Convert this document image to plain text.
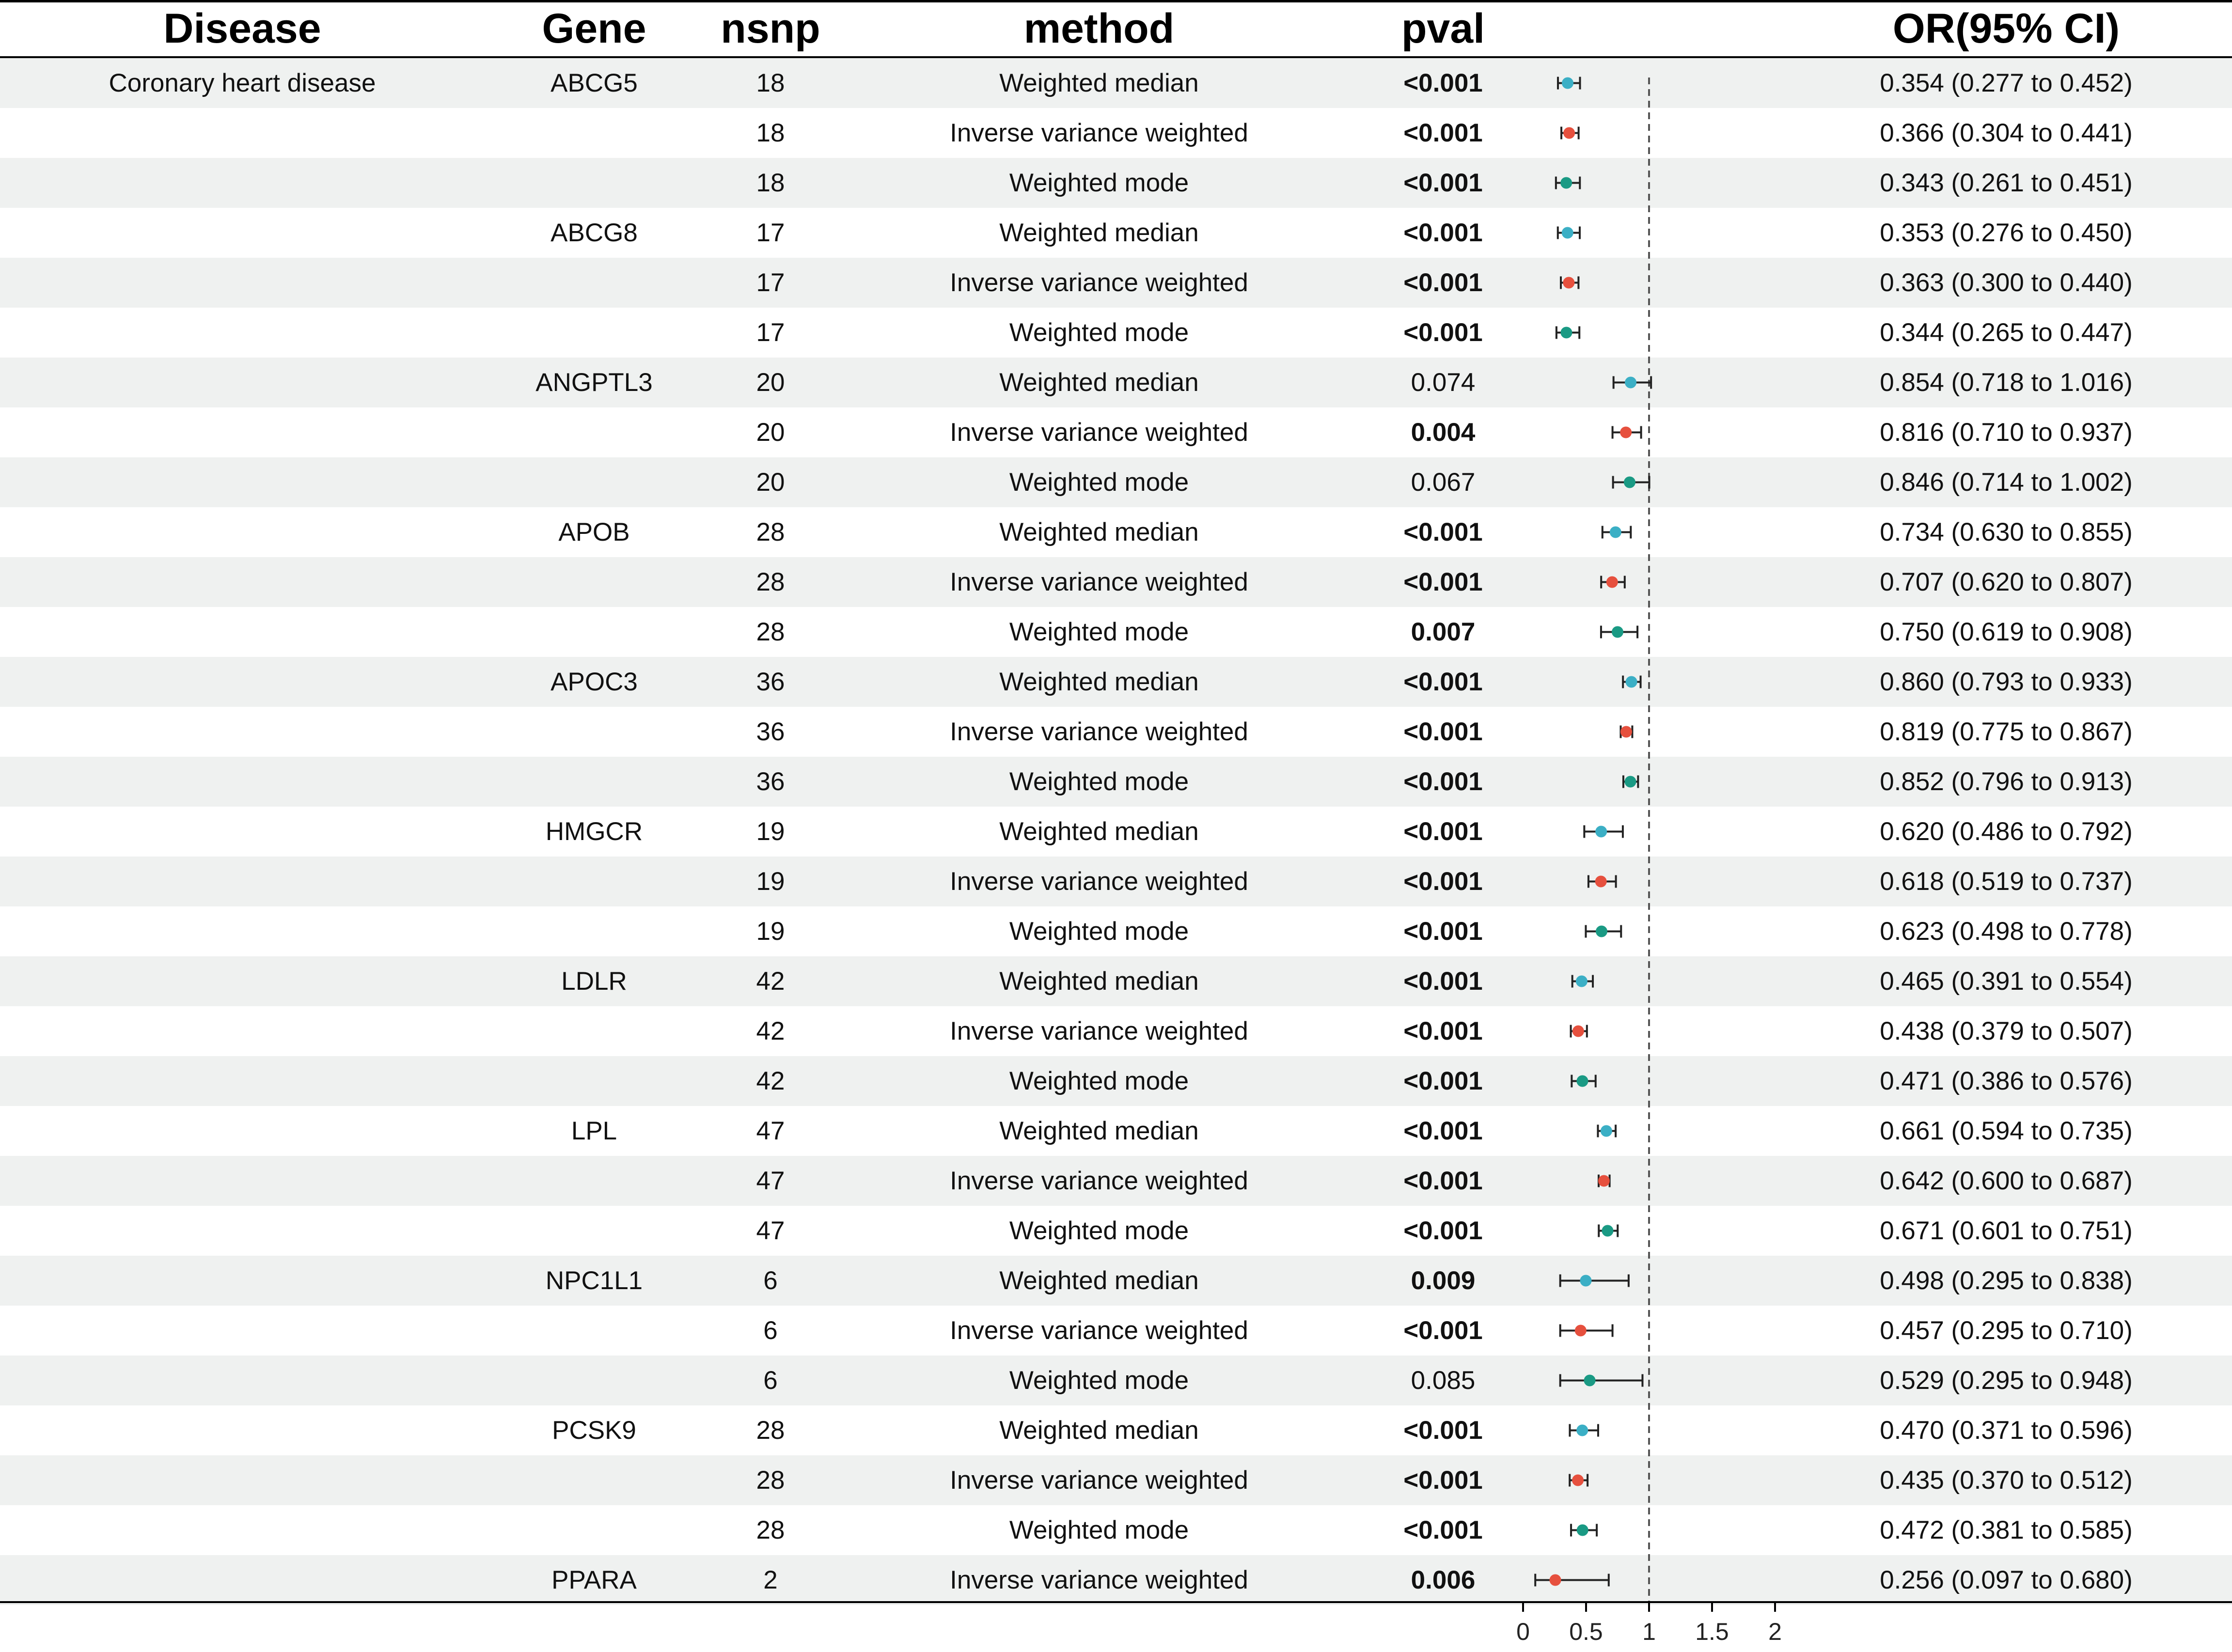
Disease	Gene	nsnp	method	pval	OR(95% CI)
Coronary heart disease	ABCG5	18	Weighted median	<0.001	0.354 (0.277 to 0.452)
18	Inverse variance weighted	<0.001	0.366 (0.304 to 0.441)
18	Weighted mode	<0.001	0.343 (0.261 to 0.451)
ABCG8	17	Weighted median	<0.001	0.353 (0.276 to 0.450)
17	Inverse variance weighted	<0.001	0.363 (0.300 to 0.440)
17	Weighted mode	<0.001	0.344 (0.265 to 0.447)
ANGPTL3	20	Weighted median	0.074	0.854 (0.718 to 1.016)
20	Inverse variance weighted	0.004	0.816 (0.710 to 0.937)
20	Weighted mode	0.067	0.846 (0.714 to 1.002)
APOB	28	Weighted median	<0.001	0.734 (0.630 to 0.855)
28	Inverse variance weighted	<0.001	0.707 (0.620 to 0.807)
28	Weighted mode	0.007	0.750 (0.619 to 0.908)
APOC3	36	Weighted median	<0.001	0.860 (0.793 to 0.933)
36	Inverse variance weighted	<0.001	0.819 (0.775 to 0.867)
36	Weighted mode	<0.001	0.852 (0.796 to 0.913)
HMGCR	19	Weighted median	<0.001	0.620 (0.486 to 0.792)
19	Inverse variance weighted	<0.001	0.618 (0.519 to 0.737)
19	Weighted mode	<0.001	0.623 (0.498 to 0.778)
LDLR	42	Weighted median	<0.001	0.465 (0.391 to 0.554)
42	Inverse variance weighted	<0.001	0.438 (0.379 to 0.507)
42	Weighted mode	<0.001	0.471 (0.386 to 0.576)
LPL	47	Weighted median	<0.001	0.661 (0.594 to 0.735)
47	Inverse variance weighted	<0.001	0.642 (0.600 to 0.687)
47	Weighted mode	<0.001	0.671 (0.601 to 0.751)
NPC1L1	6	Weighted median	0.009	0.498 (0.295 to 0.838)
6	Inverse variance weighted	<0.001	0.457 (0.295 to 0.710)
6	Weighted mode	0.085	0.529 (0.295 to 0.948)
PCSK9	28	Weighted median	<0.001	0.470 (0.371 to 0.596)
28	Inverse variance weighted	<0.001	0.435 (0.370 to 0.512)
28	Weighted mode	<0.001	0.472 (0.381 to 0.585)
PPARA	2	Inverse variance weighted	0.006	0.256 (0.097 to 0.680)
0 0.5 1 1.5 2
